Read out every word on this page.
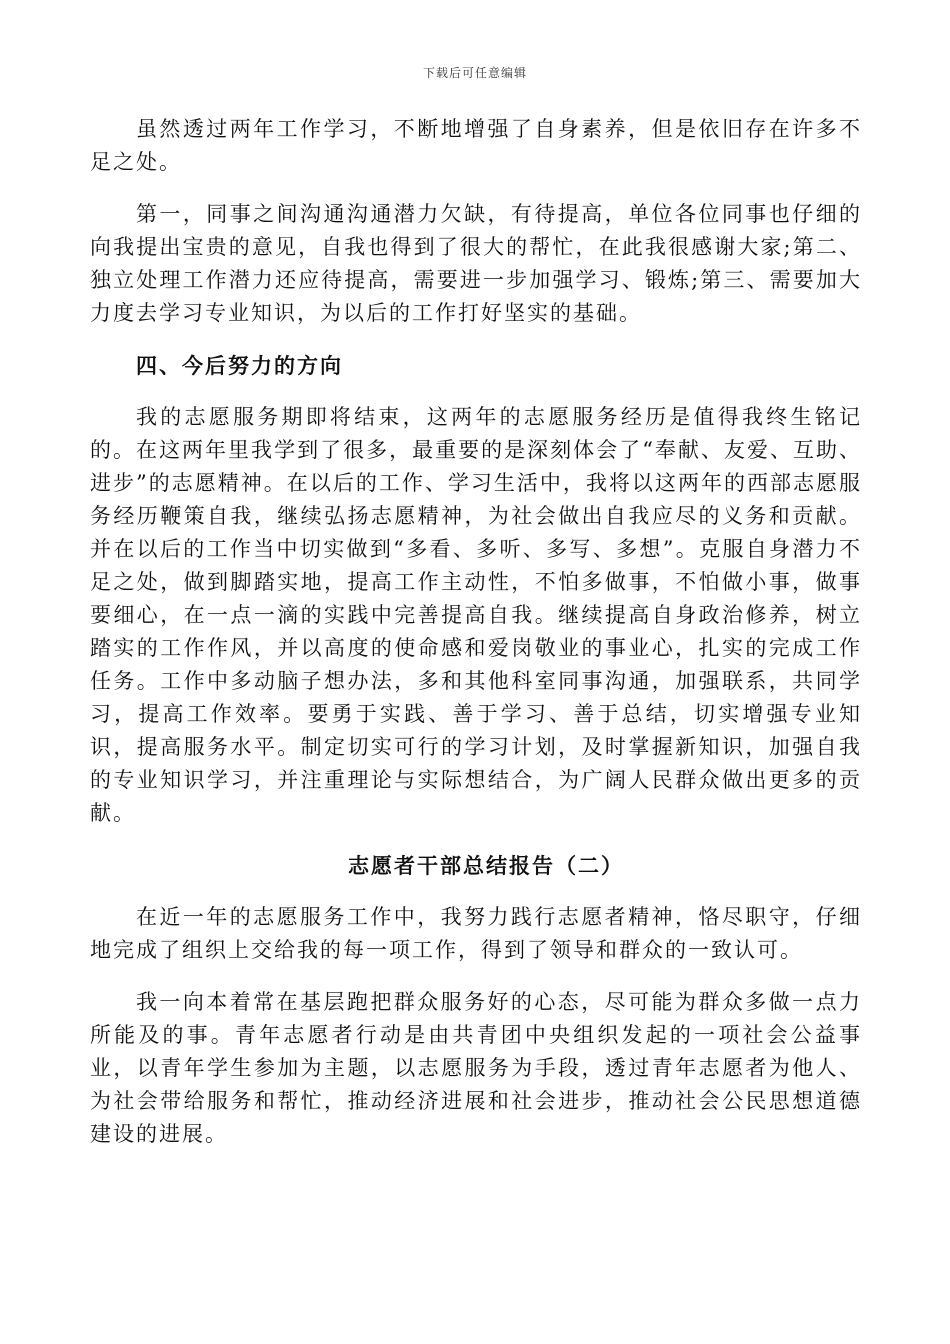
下载后可任意编辑

虽然透过两年工作学习，不断地增强了自身素养，但是依旧存在许多不足之处。

第一，同事之间沟通沟通潜力欠缺，有待提高，单位各位同事也仔细的向我提出宝贵的意见，自我也得到了很大的帮忙，在此我很感谢大家;第二、独立处理工作潜力还应待提高，需要进一步加强学习、锻炼;第三、需要加大力度去学习专业知识，为以后的工作打好坚实的基础。

四、今后努力的方向

我的志愿服务期即将结束，这两年的志愿服务经历是值得我终生铭记的。在这两年里我学到了很多，最重要的是深刻体会了“奉献、友爱、互助、进步”的志愿精神。在以后的工作、学习生活中，我将以这两年的西部志愿服务经历鞭策自我，继续弘扬志愿精神，为社会做出自我应尽的义务和贡献。并在以后的工作当中切实做到“多看、多听、多写、多想”。克服自身潜力不足之处，做到脚踏实地，提高工作主动性，不怕多做事，不怕做小事，做事要细心，在一点一滴的实践中完善提高自我。继续提高自身政治修养，树立踏实的工作作风，并以高度的使命感和爱岗敬业的事业心，扎实的完成工作任务。工作中多动脑子想办法，多和其他科室同事沟通，加强联系，共同学习，提高工作效率。要勇于实践、善于学习、善于总结，切实增强专业知识，提高服务水平。制定切实可行的学习计划，及时掌握新知识，加强自我的专业知识学习，并注重理论与实际想结合，为广阔人民群众做出更多的贡献。

志愿者干部总结报告（二）

在近一年的志愿服务工作中，我努力践行志愿者精神，恪尽职守，仔细地完成了组织上交给我的每一项工作，得到了领导和群众的一致认可。

我一向本着常在基层跑把群众服务好的心态，尽可能为群众多做一点力所能及的事。青年志愿者行动是由共青团中央组织发起的一项社会公益事业，以青年学生参加为主题，以志愿服务为手段，透过青年志愿者为他人、为社会带给服务和帮忙，推动经济进展和社会进步，推动社会公民思想道德建设的进展。
